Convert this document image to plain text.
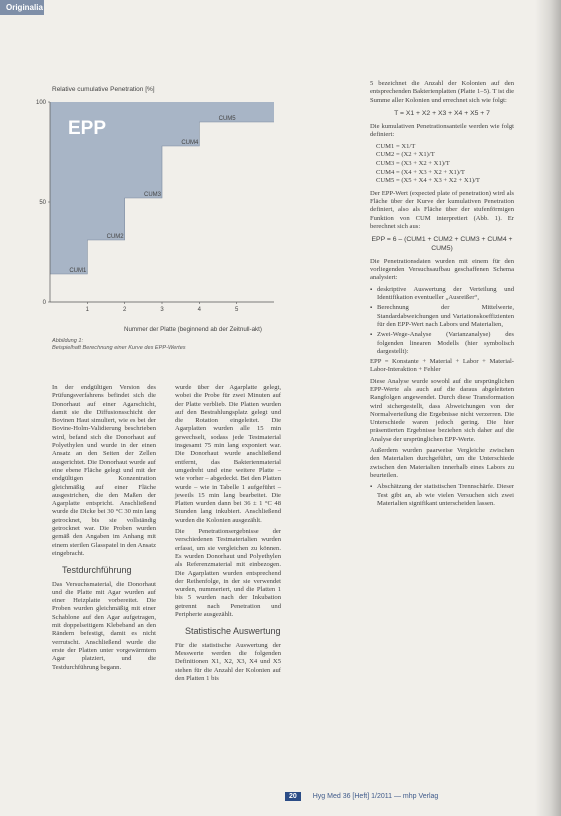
Originalia
Relative cumulative Penetration [%]
0
50
100
1	2	3	4	5
CUM1
CUM2
CUM3
CUM4
CUM5
EPP
Nummer der Platte (beginnend ab der Zeitnull-akt)
Abbildung 1:
Beispielhaft Berechnung einer Kurve des EPP-Wertes

In der endgültigen Version des Prüfungsverfahrens befindet sich die Donorhaut auf einer Agarschicht, damit sie die Diffusionsschicht der Bovinen Haut simuliert, wie es bei der Bovine-Holm-Validierung beschrieben wird, befand sich die Donorhaut auf Polyethylen und wurde in der einen Ansatz an den Seiten der Zellen ausgerichtet. Die Donorhaut wurde auf eine ebene Fläche gelegt und mit der endgültigen Konzentration gleichmäßig auf einer Fläche ausgestrichen, die den Maßen der Agarplatte entspricht. Anschließend wurde die Dicke bei 30 °C 30 min lang getrocknet, bis sie vollständig getrocknet war. Die Proben wurden gemäß den Angaben im Anhang mit einem sterilen Glasspatel in den Ansatz eingebracht.

Testdurchführung

Das Versuchsmaterial, die Donorhaut und die Platte mit Agar wurden auf einer Heizplatte vorbereitet. Die Proben wurden gleichmäßig mit einer Schablone auf den Agar aufgetragen, mit doppelseitigem Klebeband an den Rändern befestigt, damit es nicht verrutscht. Anschließend wurde die erste der Platten unter vorgewärmtem Agar platziert, und die Testdurchführung begann.

wurde über der Agarplatte gelegt, wobei die Probe für zwei Minuten auf der Platte verblieb. Die Platten wurden auf den Bestrahlungsplatz gelegt und die Rotation eingeleitet. Die Agarplatten wurden alle 15 min gewechselt, sodass jede Testmaterial insgesamt 75 min lang exponiert war. Die Donorhaut wurde anschließend entfernt, das Bakterienmaterial umgedreht und eine weitere Platte – wie vorher – abgedeckt. Bei den Platten wurde – wie in Tabelle 1 aufgeführt – jeweils 15 min lang bearbeitet. Die Platten wurden dann bei 36 ± 1 °C 48 Stunden lang inkubiert. Anschließend wurden die Kolonien ausgezählt.

Die Penetrationsergebnisse der verschiedenen Testmaterialien wurden erfasst, um sie vergleichen zu können. Es wurden Donorhaut und Polyethylen als Referenzmaterial mit einbezogen. Die Agarplatten wurden entsprechend der Reihenfolge, in der sie verwendet wurden, nummeriert, und die Platten 1 bis 5 wurden nach der Inkubation getrennt nach Penetration und Peripherie ausgezählt.

Statistische Auswertung

Für die statistische Auswertung der Messwerte werden die folgenden Definitionen X1, X2, X3, X4 und X5 stehen für die Anzahl der Kolonien auf den Platten 1 bis

5 bezeichnet die Anzahl der Kolonien auf den entsprechenden Bakterienplatten (Platte 1–5). T ist die Summe aller Kolonien und errechnet sich wie folgt:

T = X1 + X2 + X3 + X4 + X5 + 7

Die kumulativen Penetrationsanteile werden wie folgt definiert:

CUM1 = X1/T
CUM2 = (X2 + X1)/T
CUM3 = (X3 + X2 + X1)/T
CUM4 = (X4 + X3 + X2 + X1)/T
CUM5 = (X5 + X4 + X3 + X2 + X1)/T

Der EPP-Wert (expected plate of penetration) wird als Fläche über der Kurve der kumulativen Penetration definiert, also als Fläche über der stufenförmigen Funktion von CUM interpretiert (Abb. 1). Er berechnet sich aus:

EPP = 6 – (CUM1 + CUM2 + CUM3 + CUM4 + CUM5)

Die Penetrationsdaten wurden mit einem für den vorliegenden Versuchsaufbau geschaffenen Schema analysiert:

▪ deskriptive Auswertung der Verteilung und Identifikation eventueller „Ausreißer“,
▪ Berechnung der Mittelwerte, Standardabweichungen und Variationskoeffizienten für den EPP-Wert nach Labors und Materialien,
▪ Zwei-Wege-Analyse (Varianzanalyse) des folgenden linearen Modells (hier symbolisch dargestellt):

EPP = Konstante + Material + Labor + Material-Labor-Interaktion + Fehler

Diese Analyse wurde sowohl auf die ursprünglichen EPP-Werte als auch auf die daraus abgeleiteten Rangfolgen angewendet. Durch diese Transformation wird sichergestellt, dass Abweichungen von der Normalverteilung die Ergebnisse nicht verzerren. Die Unterschiede waren jedoch gering. Die hier präsentierten Ergebnisse beziehen sich daher auf die Analyse der ursprünglichen EPP-Werte.

Außerdem wurden paarweise Vergleiche zwischen den Materialien durchgeführt, um die Unterschiede zwischen den Materialien innerhalb eines Labors zu beurteilen.

▪ Abschätzung der statistischen Trennschärfe. Dieser Test gibt an, ab wie vielen Versuchen sich zwei Materialien signifikant unterscheiden lassen.
20 Hyg Med 36 [Heft] 1/2011 — mhp Verlag
